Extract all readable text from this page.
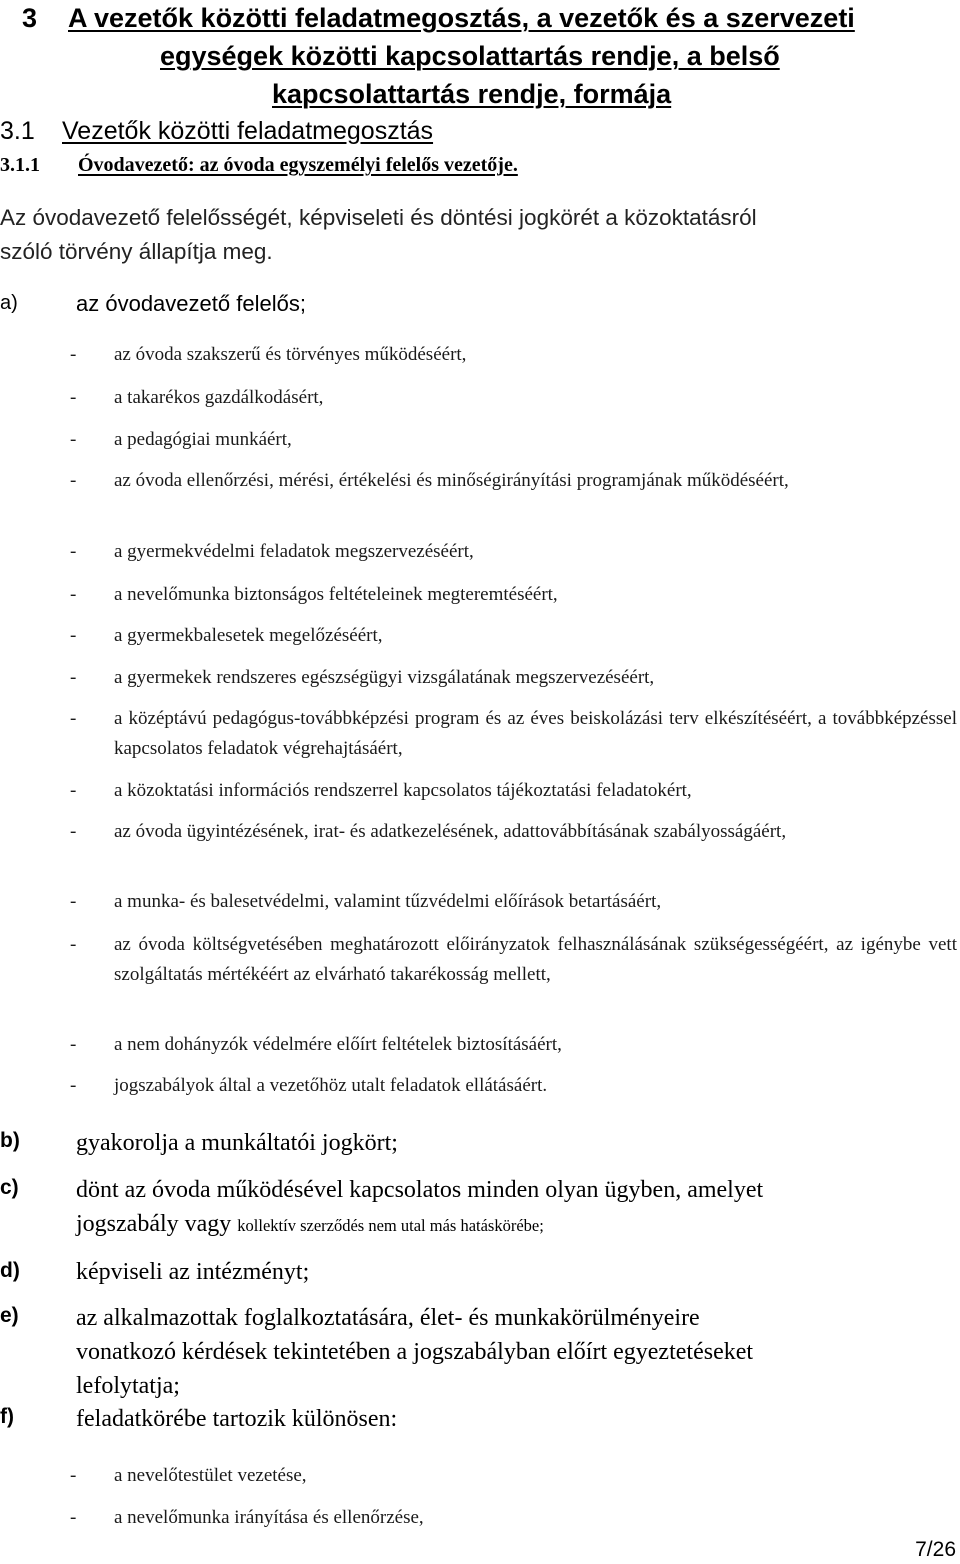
3 A vezetők közötti feladatmegosztás, a vezetők és a szervezeti
egységek közötti kapcsolattartás rendje, a belső
kapcsolattartás rendje, formája
3.1 Vezetők közötti feladatmegosztás
3.1.1 Óvodavezető: az óvoda egyszemélyi felelős vezetője.
Az óvodavezető felelősségét, képviseleti és döntési jogkörét a közoktatásról
szóló törvény állapítja meg.
a)	az óvodavezető felelős;
- az óvoda szakszerű és törvényes működéséért,
- a takarékos gazdálkodásért,
- a pedagógiai munkáért,
- az óvoda ellenőrzési, mérési, értékelési és minőségirányítási programjának működéséért,
- a gyermekvédelmi feladatok megszervezéséért,
- a nevelőmunka biztonságos feltételeinek megteremtéséért,
- a gyermekbalesetek megelőzéséért,
- a gyermekek rendszeres egészségügyi vizsgálatának megszervezéséért,
- a középtávú pedagógus-továbbképzési program és az éves beiskolázási terv elkészítéséért, a továbbképzéssel kapcsolatos feladatok végrehajtásáért,
- a közoktatási információs rendszerrel kapcsolatos tájékoztatási feladatokért,
- az óvoda ügyintézésének, irat- és adatkezelésének, adattovábbításának szabályosságáért,
- a munka- és balesetvédelmi, valamint tűzvédelmi előírások betartásáért,
- az óvoda költségvetésében meghatározott előirányzatok felhasználásának szükségességéért, az igénybe vett szolgáltatás mértékéért az elvárható takarékosság mellett,
- a nem dohányzók védelmére előírt feltételek biztosításáért,
- jogszabályok által a vezetőhöz utalt feladatok ellátásáért.
b) gyakorolja a munkáltatói jogkört;
c) dönt az óvoda működésével kapcsolatos minden olyan ügyben, amelyet
jogszabály vagy kollektív szerződés nem utal más hatáskörébe;
d) képviseli az intézményt;
e) az alkalmazottak foglalkoztatására, élet- és munkakörülményeire
vonatkozó kérdések tekintetében a jogszabályban előírt egyeztetéseket
lefolytatja;
f)	feladatkörébe tartozik különösen:
- a nevelőtestület vezetése,
- a nevelőmunka irányítása és ellenőrzése,
7/26
